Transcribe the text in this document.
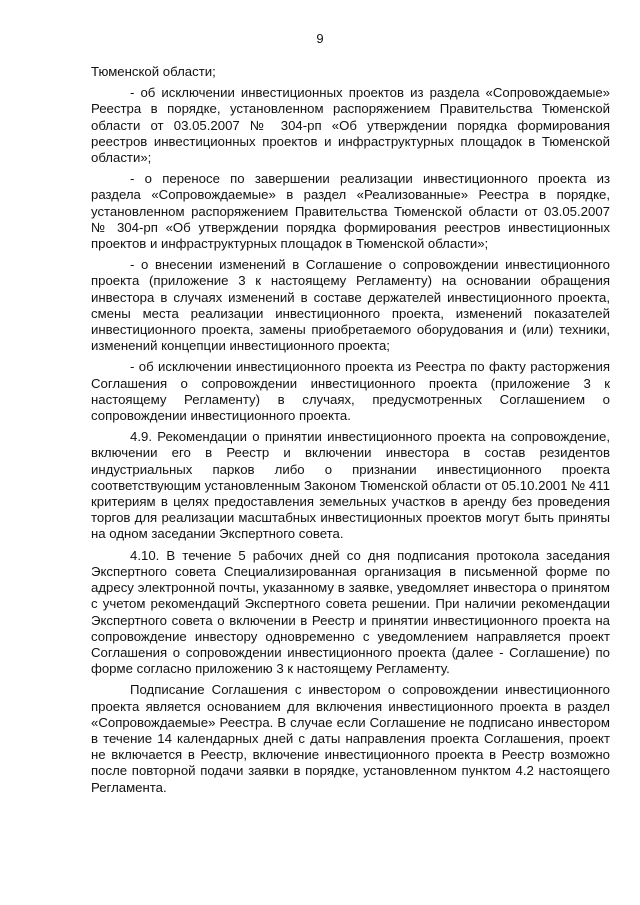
9

Тюменской области;

- об исключении инвестиционных проектов из раздела «Сопровождаемые» Реестра в порядке, установленном распоряжением Правительства Тюменской области от 03.05.2007 № 304-рп «Об утверждении порядка формирования реестров инвестиционных проектов и инфраструктурных площадок в Тюменской области»;

- о переносе по завершении реализации инвестиционного проекта из раздела «Сопровождаемые» в раздел «Реализованные» Реестра в порядке, установленном распоряжением Правительства Тюменской области от 03.05.2007 № 304-рп «Об утверждении порядка формирования реестров инвестиционных проектов и инфраструктурных площадок в Тюменской области»;

- о внесении изменений в Соглашение о сопровождении инвестиционного проекта (приложение 3 к настоящему Регламенту) на основании обращения инвестора в случаях изменений в составе держателей инвестиционного проекта, смены места реализации инвестиционного проекта, изменений показателей инвестиционного проекта, замены приобретаемого оборудования и (или) техники, изменений концепции инвестиционного проекта;

- об исключении инвестиционного проекта из Реестра по факту расторжения Соглашения о сопровождении инвестиционного проекта (приложение 3 к настоящему Регламенту) в случаях, предусмотренных Соглашением о сопровождении инвестиционного проекта.

4.9. Рекомендации о принятии инвестиционного проекта на сопровождение, включении его в Реестр и включении инвестора в состав резидентов индустриальных парков либо о признании инвестиционного проекта соответствующим установленным Законом Тюменской области от 05.10.2001 № 411 критериям в целях предоставления земельных участков в аренду без проведения торгов для реализации масштабных инвестиционных проектов могут быть приняты на одном заседании Экспертного совета.

4.10. В течение 5 рабочих дней со дня подписания протокола заседания Экспертного совета Специализированная организация в письменной форме по адресу электронной почты, указанному в заявке, уведомляет инвестора о принятом с учетом рекомендаций Экспертного совета решении. При наличии рекомендации Экспертного совета о включении в Реестр и принятии инвестиционного проекта на сопровождение инвестору одновременно с уведомлением направляется проект Соглашения о сопровождении инвестиционного проекта (далее - Соглашение) по форме согласно приложению 3 к настоящему Регламенту.

Подписание Соглашения с инвестором о сопровождении инвестиционного проекта является основанием для включения инвестиционного проекта в раздел «Сопровождаемые» Реестра. В случае если Соглашение не подписано инвестором в течение 14 календарных дней с даты направления проекта Соглашения, проект не включается в Реестр, включение инвестиционного проекта в Реестр возможно после повторной подачи заявки в порядке, установленном пунктом 4.2 настоящего Регламента.
